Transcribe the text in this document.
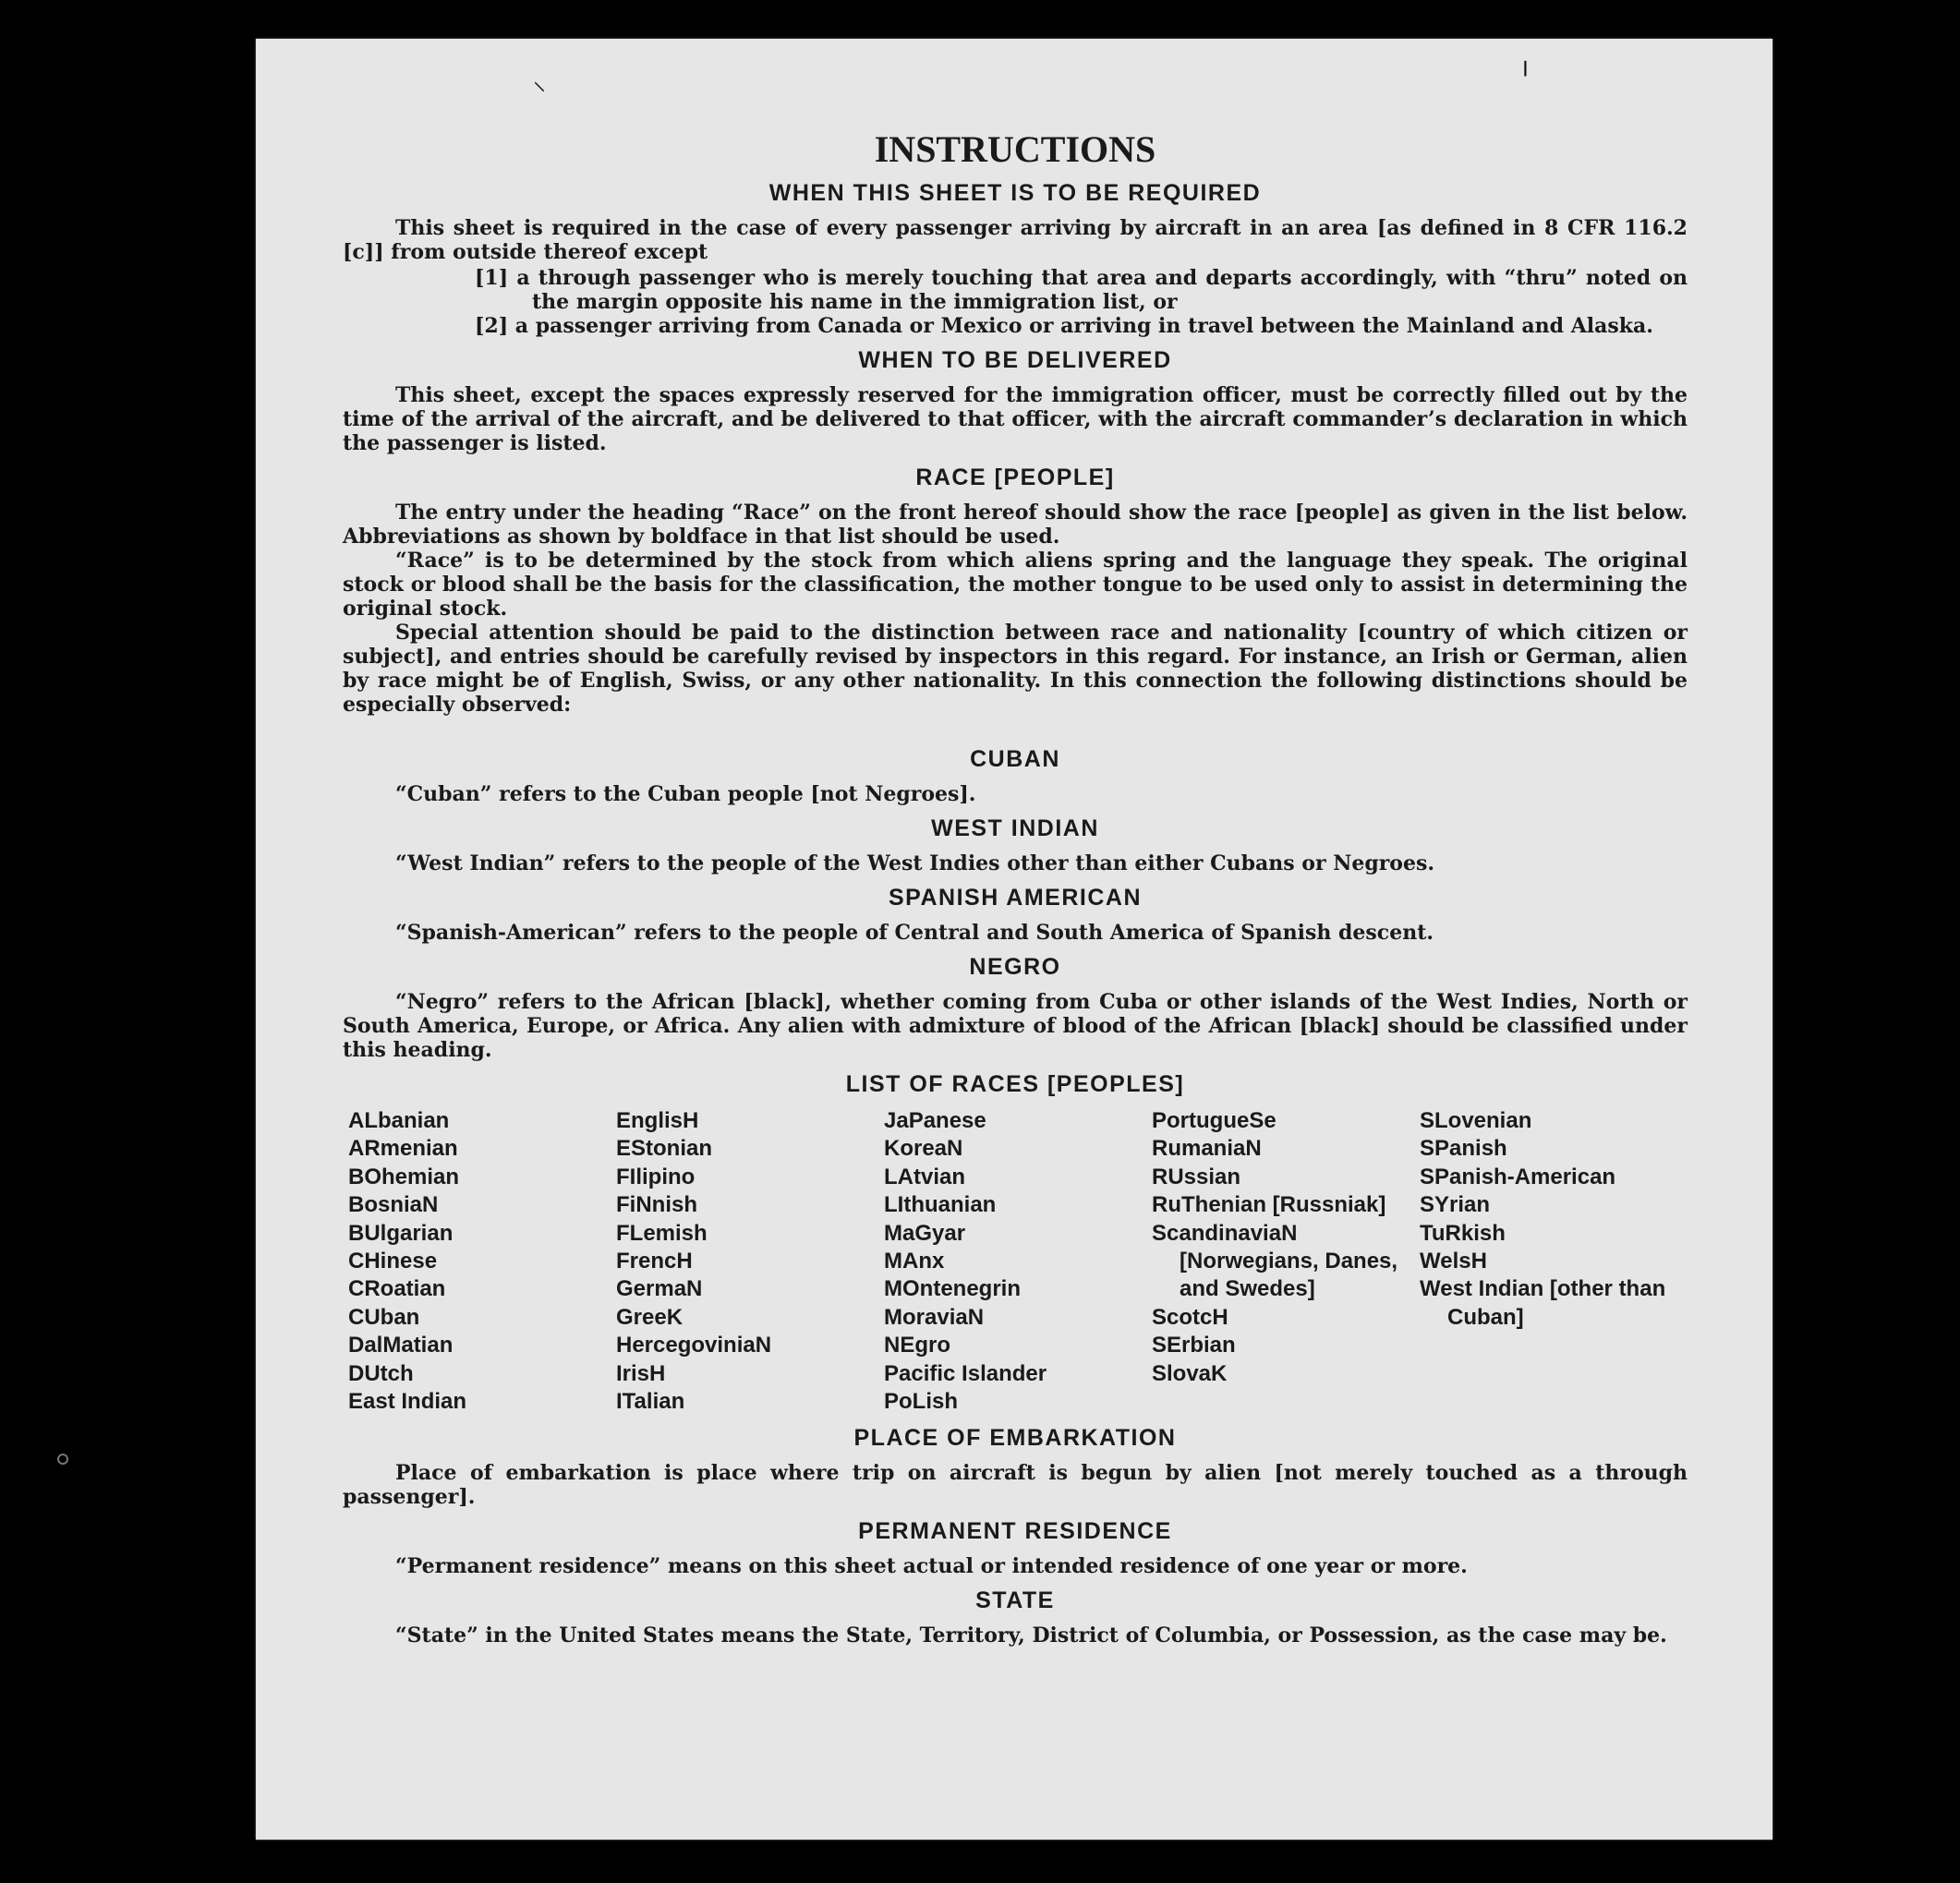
⸜	╵
INSTRUCTIONS
WHEN THIS SHEET IS TO BE REQUIRED

This sheet is required in the case of every passenger arriving by aircraft in an area [as defined in 8 CFR 116.2 [c]] from outside thereof except

[1] a through passenger who is merely touching that area and departs accordingly, with “thru” noted on the margin opposite his name in the immigration list, or
[2] a passenger arriving from Canada or Mexico or arriving in travel between the Mainland and Alaska.
WHEN TO BE DELIVERED

This sheet, except the spaces expressly reserved for the immigration officer, must be correctly filled out by the time of the arrival of the aircraft, and be delivered to that officer, with the aircraft commander’s declaration in which the passenger is listed.

RACE [PEOPLE]

The entry under the heading “Race” on the front hereof should show the race [people] as given in the list below. Abbreviations as shown by boldface in that list should be used.

“Race” is to be determined by the stock from which aliens spring and the language they speak. The original stock or blood shall be the basis for the classification, the mother tongue to be used only to assist in determining the original stock.

Special attention should be paid to the distinction between race and nationality [country of which citizen or subject], and entries should be carefully revised by inspectors in this regard. For instance, an Irish or German, alien by race might be of English, Swiss, or any other nationality. In this connection the following distinctions should be especially observed:

CUBAN

“Cuban” refers to the Cuban people [not Negroes].

WEST INDIAN

“West Indian” refers to the people of the West Indies other than either Cubans or Negroes.

SPANISH AMERICAN

“Spanish-American” refers to the people of Central and South America of Spanish descent.

NEGRO

“Negro” refers to the African [black], whether coming from Cuba or other islands of the West Indies, North or South America, Europe, or Africa. Any alien with admixture of blood of the African [black] should be classified under this heading.

LIST OF RACES [PEOPLES]
ALbanian
ARmenian
BOhemian
BosniaN
BUlgarian
CHinese
CRoatian
CUban
DalMatian
DUtch
East Indian
EnglisH
EStonian
FIlipino
FiNnish
FLemish
FrencH
GermaN
GreeK
HercegoviniaN
IrisH
ITalian
JaPanese
KoreaN
LAtvian
LIthuanian
MaGyar
MAnx
MOntenegrin
MoraviaN
NEgro
Pacific Islander
PoLish
PortugueSe
RumaniaN
RUssian
RuThenian [Russniak]
ScandinaviaN [Norwegians, Danes, and Swedes]
ScotcH
SErbian
SlovaK
SLovenian
SPanish
SPanish-American
SYrian
TuRkish
WelsH
West Indian [other than Cuban]
PLACE OF EMBARKATION

Place of embarkation is place where trip on aircraft is begun by alien [not merely touched as a through passenger].

PERMANENT RESIDENCE

“Permanent residence” means on this sheet actual or intended residence of one year or more.

STATE

“State” in the United States means the State, Territory, District of Columbia, or Possession, as the case may be.
